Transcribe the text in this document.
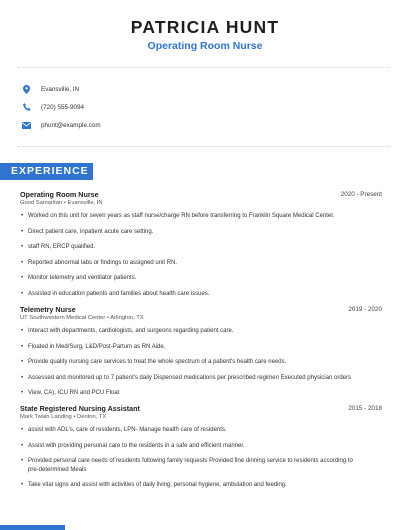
PATRICIA HUNT
Operating Room Nurse
Evansville, IN
(720) 555-9094
phunt@example.com
EXPERIENCE
Operating Room Nurse	2020 - Present
Good Samaritan • Evansville, IN
• Worked on this unit for seven years as staff nurse/charge RN before transferring to Franklin Square Medical Center.
• Direct patient care, inpatient acute care setting.
• staff RN, ERCP qualified.
• Reported abnormal labs or findings to assigned unit RN.
• Monitor telemetry and ventilator patients.
• Assisted in education patients and families about health care issues.
Telemetry Nurse	2019 - 2020
UT Southwestern Medical Center • Arlington, TX
• Interact with departments, cardiologists, and surgeons regarding patient care.
• Floated in Med/Surg, L&D/Post-Partum as RN Aide.
• Provide quality nursing care services to treat the whole spectrum of a patient's health care needs.
• Assessed and monitored up to 7 patient's daily Dispensed medications per prescribed regimen Executed physician orders
• View, CA), ICU RN and PCU Float
State Registered Nursing Assistant	2015 - 2018
Mark Twain Landing • Denton, TX
• assist with ADL's, care of residents, LPN- Manage health care of residents.
• Assist with providing personal care to the residents in a safe and efficient manner.
• Provided personal care needs of residents following family requests Provided fine dinning service to residents according to pre-determined Meals
• Take vital signs and assist with activities of daily living; personal hygiene, ambulation and feeding.
